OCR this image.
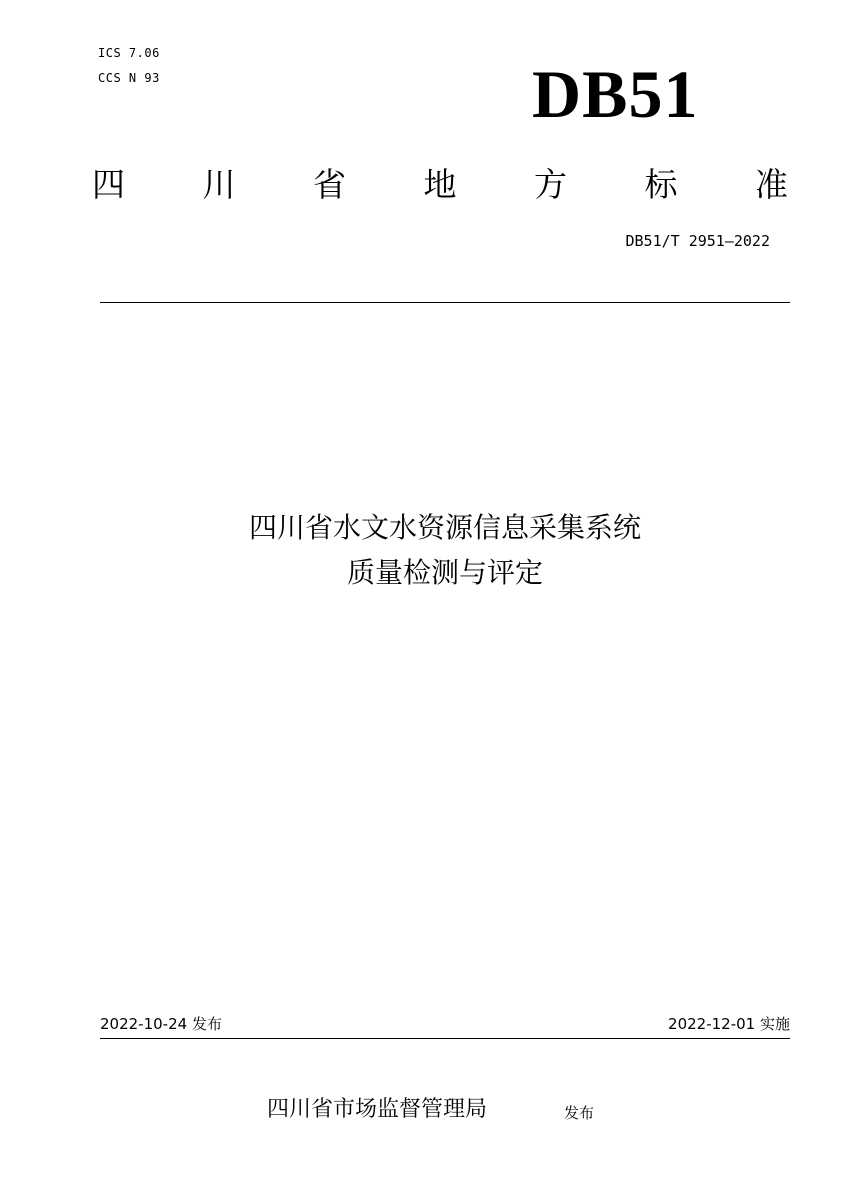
ICS 7.06
CCS N 93	DB51
四 川 省 地 方 标 准
DB51/T 2951—2022
四川省水文水资源信息采集系统
质量检测与评定
2022-10-24 发布	2022-12-01 实施
四川省市场监督管理局	发布
